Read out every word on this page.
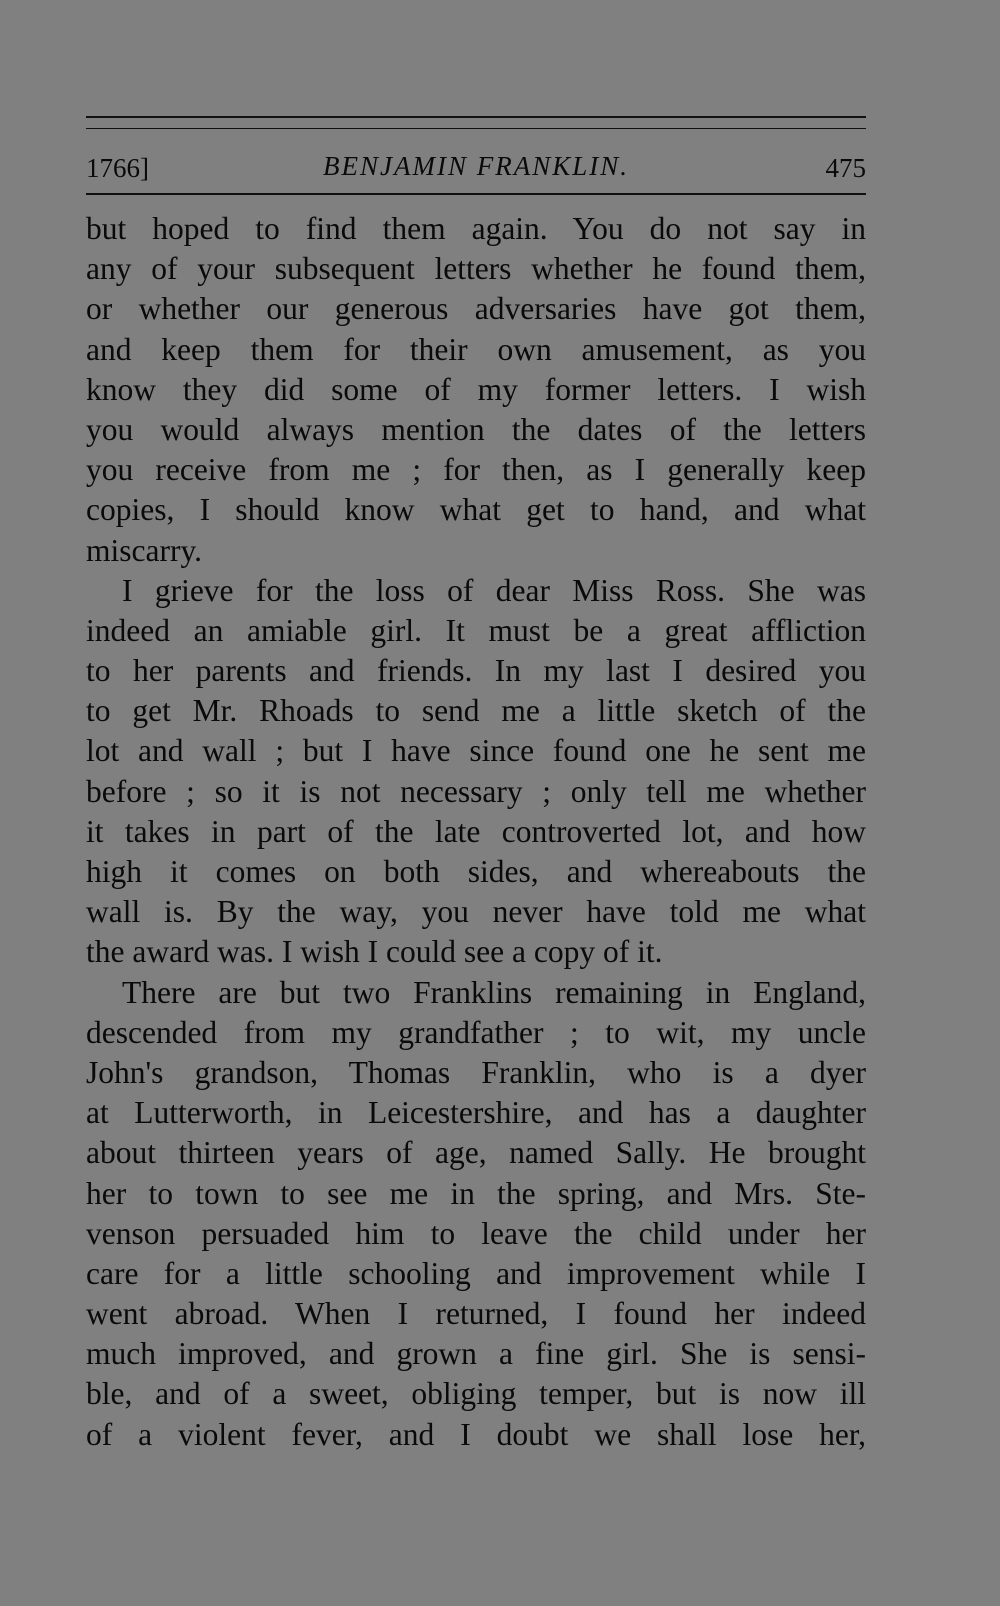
1766]	BENJAMIN FRANKLIN.	475
but hoped to find them again. You do not say in
any of your subsequent letters whether he found them,
or whether our generous adversaries have got them,
and keep them for their own amusement, as you
know they did some of my former letters. I wish
you would always mention the dates of the letters
you receive from me ; for then, as I generally keep
copies, I should know what get to hand, and what
miscarry.
I grieve for the loss of dear Miss Ross. She was
indeed an amiable girl. It must be a great affliction
to her parents and friends. In my last I desired you
to get Mr. Rhoads to send me a little sketch of the
lot and wall ; but I have since found one he sent me
before ; so it is not necessary ; only tell me whether
it takes in part of the late controverted lot, and how
high it comes on both sides, and whereabouts the
wall is. By the way, you never have told me what
the award was. I wish I could see a copy of it.
There are but two Franklins remaining in England,
descended from my grandfather ; to wit, my uncle
John's grandson, Thomas Franklin, who is a dyer
at Lutterworth, in Leicestershire, and has a daughter
about thirteen years of age, named Sally. He brought
her to town to see me in the spring, and Mrs. Ste-
venson persuaded him to leave the child under her
care for a little schooling and improvement while I
went abroad. When I returned, I found her indeed
much improved, and grown a fine girl. She is sensi-
ble, and of a sweet, obliging temper, but is now ill
of a violent fever, and I doubt we shall lose her,
